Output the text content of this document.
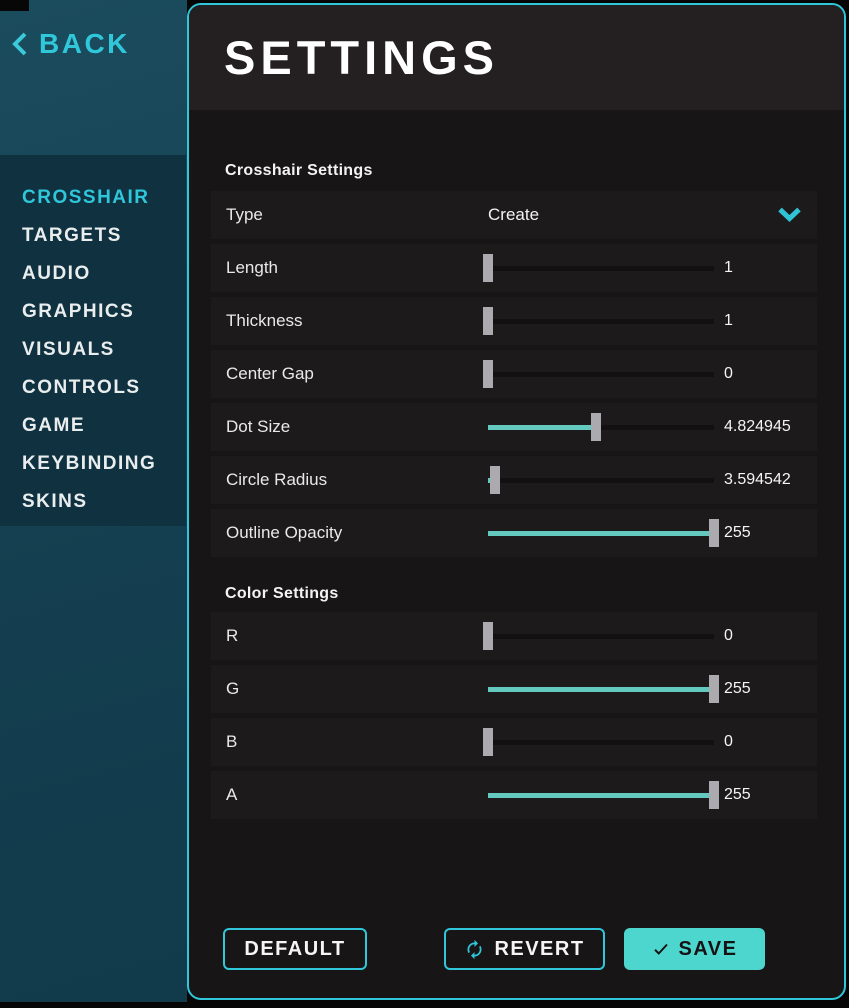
BACK
CROSSHAIR
TARGETS
AUDIO
GRAPHICS
VISUALS
CONTROLS
GAME
KEYBINDING
SKINS
SETTINGS
Crosshair Settings
Type	Create
Length	1
Thickness	1
Center Gap	0
Dot Size	4.824945
Circle Radius	3.594542
Outline Opacity	255
Color Settings
R	0
G	255
B	0
A	255
DEFAULT	REVERT	SAVE
